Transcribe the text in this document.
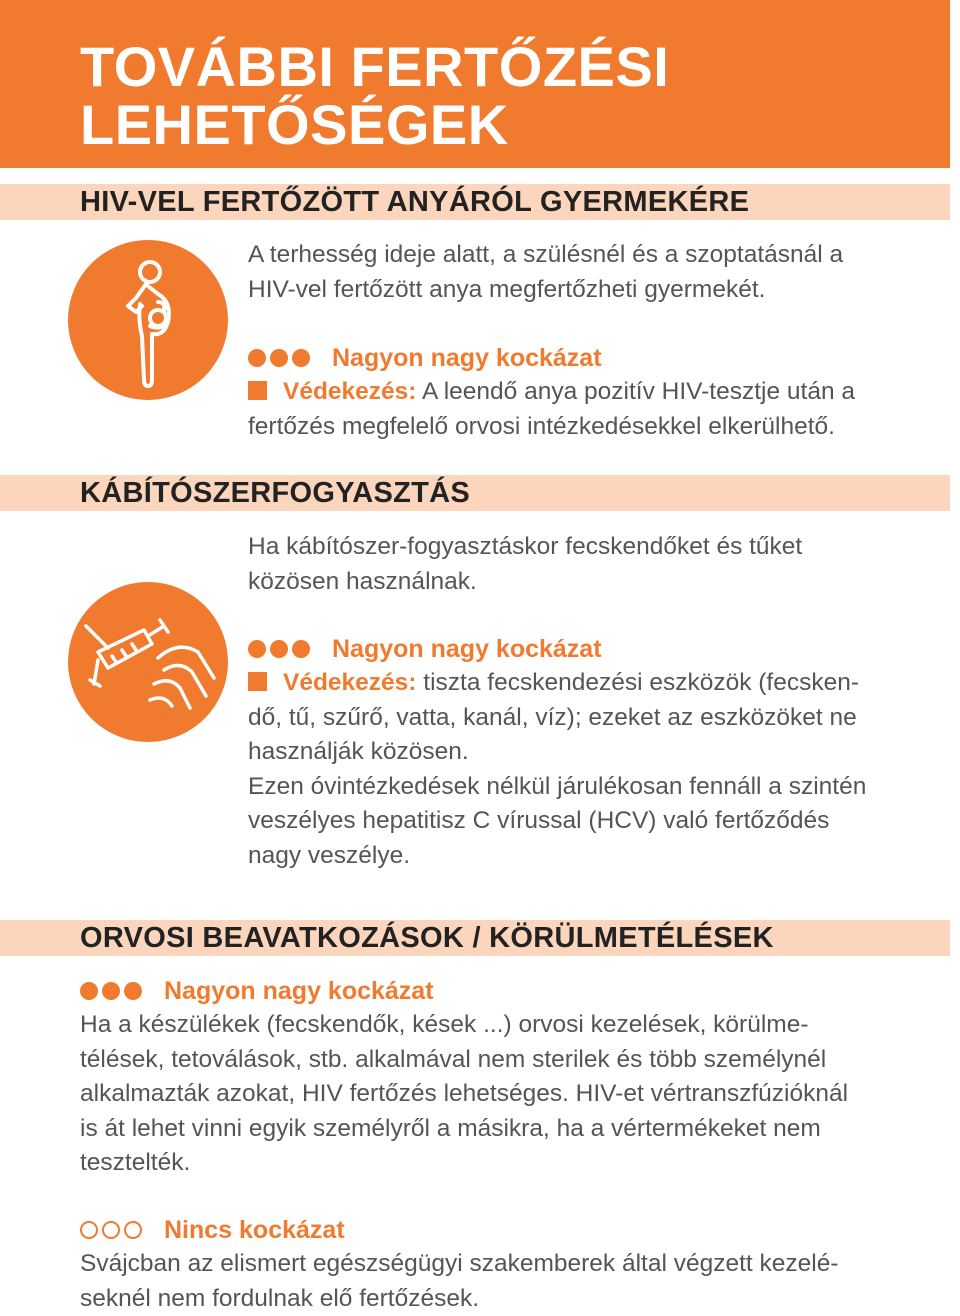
TOVÁBBI FERTŐZÉSI
LEHETŐSÉGEK
HIV-VEL FERTŐZÖTT ANYÁRÓL GYERMEKÉRE

A terhesség ideje alatt, a szülésnél és a szoptatásnál a
HIV-vel fertőzött anya megfertőzheti gyermekét.

Nagyon nagy kockázat

Védekezés: A leendő anya pozitív HIV-tesztje után a
fertőzés megfelelő orvosi intézkedésekkel elkerülhető.

KÁBÍTÓSZERFOGYASZTÁS

Ha kábítószer-fogyasztáskor fecskendőket és tűket
közösen használnak.

Nagyon nagy kockázat

Védekezés: tiszta fecskendezési eszközök (fecsken-
dő, tű, szűrő, vatta, kanál, víz); ezeket az eszközöket ne
használják közösen.
Ezen óvintézkedések nélkül járulékosan fennáll a szintén
veszélyes hepatitisz C vírussal (HCV) való fertőződés
nagy veszélye.

ORVOSI BEAVATKOZÁSOK / KÖRÜLMETÉLÉSEK
Nagyon nagy kockázat

Ha a készülékek (fecskendők, kések ...) orvosi kezelések, körülme-
télések, tetoválások, stb. alkalmával nem sterilek és több személynél
alkalmazták azokat, HIV fertőzés lehetséges. HIV-et vértranszfúzióknál
is át lehet vinni egyik személyről a másikra, ha a vértermékeket nem
tesztelték.

Nincs kockázat

Svájcban az elismert egészségügyi szakemberek által végzett kezelé-
seknél nem fordulnak elő fertőzések.
